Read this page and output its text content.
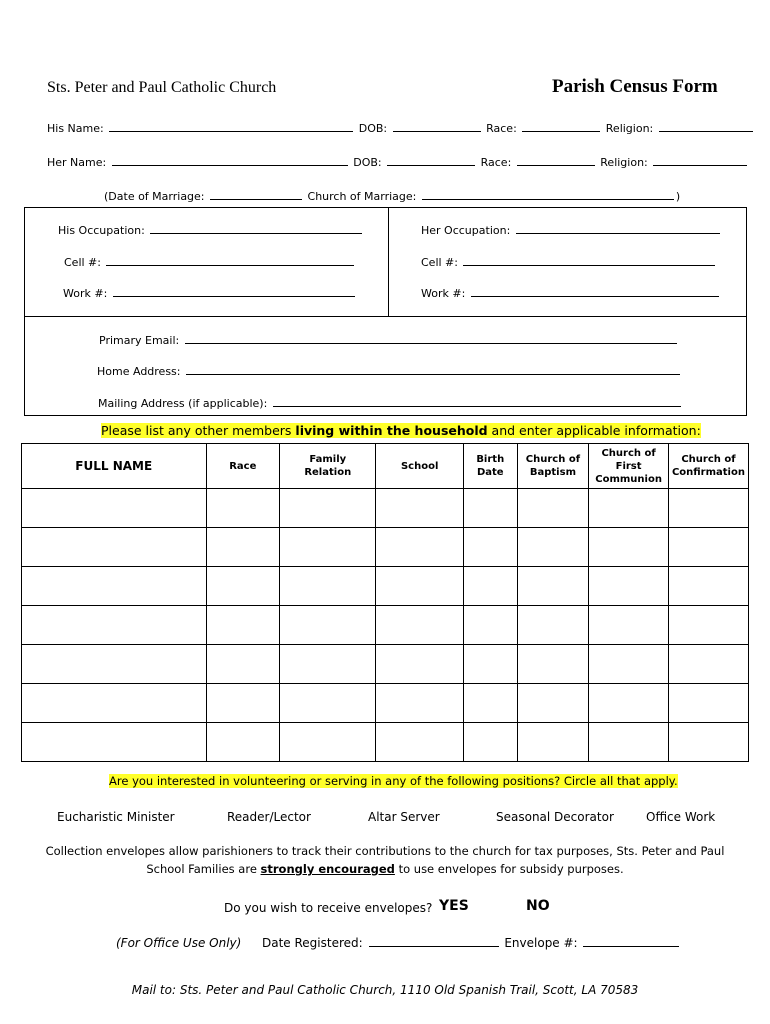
Sts. Peter and Paul Catholic Church	Parish Census Form
His Name:	DOB:	Race:	Religion:
Her Name:	DOB:	Race:	Religion:
(Date of Marriage:	Church of Marriage:	)
His Occupation:
Cell #:
Work #:
Her Occupation:
Cell #:
Work #:
Primary Email:
Home Address:
Mailing Address (if applicable):
Please list any other members living within the household and enter applicable information:
FULL NAME	Race	Family Relation	School	Birth Date	Church of Baptism	Church of First Communion	Church of Confirmation

Are you interested in volunteering or serving in any of the following positions? Circle all that apply.
Eucharistic Minister	Reader/Lector	Altar Server	Seasonal Decorator	Office Work
Collection envelopes allow parishioners to track their contributions to the church for tax purposes, Sts. Peter and Paul
School Families are strongly encouraged to use envelopes for subsidy purposes.
Do you wish to receive envelopes? YES	NO
(For Office Use Only) Date Registered:	Envelope #:
Mail to: Sts. Peter and Paul Catholic Church, 1110 Old Spanish Trail, Scott, LA 70583
